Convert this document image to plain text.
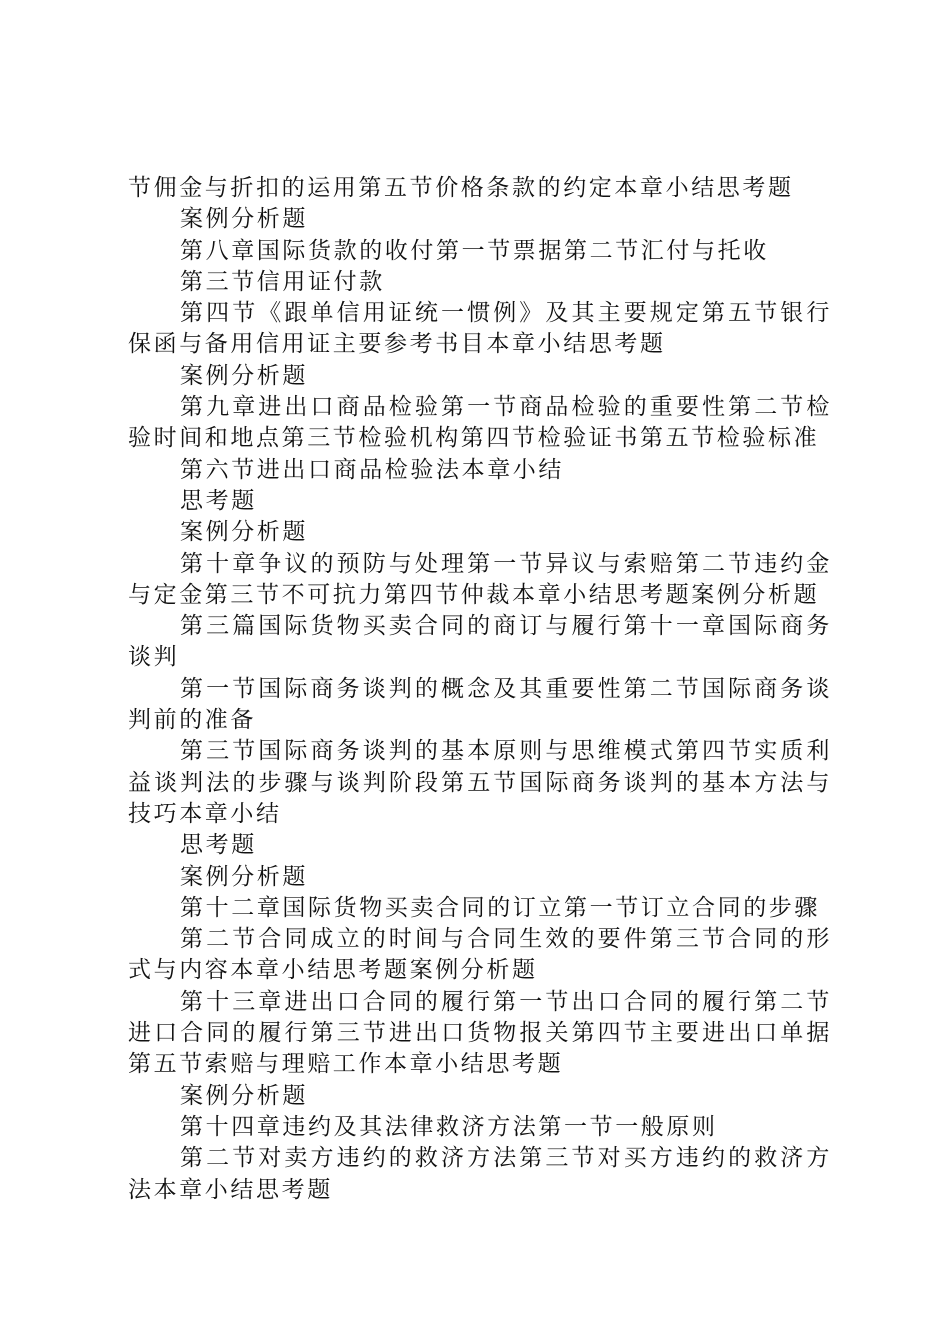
节佣金与折扣的运用第五节价格条款的约定本章小结思考题

案例分析题

第八章国际货款的收付第一节票据第二节汇付与托收

第三节信用证付款

第四节《跟单信用证统一惯例》及其主要规定第五节银行保函与备用信用证主要参考书目本章小结思考题

案例分析题

第九章进出口商品检验第一节商品检验的重要性第二节检验时间和地点第三节检验机构第四节检验证书第五节检验标准

第六节进出口商品检验法本章小结

思考题

案例分析题

第十章争议的预防与处理第一节异议与索赔第二节违约金与定金第三节不可抗力第四节仲裁本章小结思考题案例分析题

第三篇国际货物买卖合同的商订与履行第十一章国际商务谈判

第一节国际商务谈判的概念及其重要性第二节国际商务谈判前的准备

第三节国际商务谈判的基本原则与思维模式第四节实质利益谈判法的步骤与谈判阶段第五节国际商务谈判的基本方法与技巧本章小结

思考题

案例分析题

第十二章国际货物买卖合同的订立第一节订立合同的步骤

第二节合同成立的时间与合同生效的要件第三节合同的形式与内容本章小结思考题案例分析题

第十三章进出口合同的履行第一节出口合同的履行第二节进口合同的履行第三节进出口货物报关第四节主要进出口单据第五节索赔与理赔工作本章小结思考题

案例分析题

第十四章违约及其法律救济方法第一节一般原则

第二节对卖方违约的救济方法第三节对买方违约的救济方法本章小结思考题
